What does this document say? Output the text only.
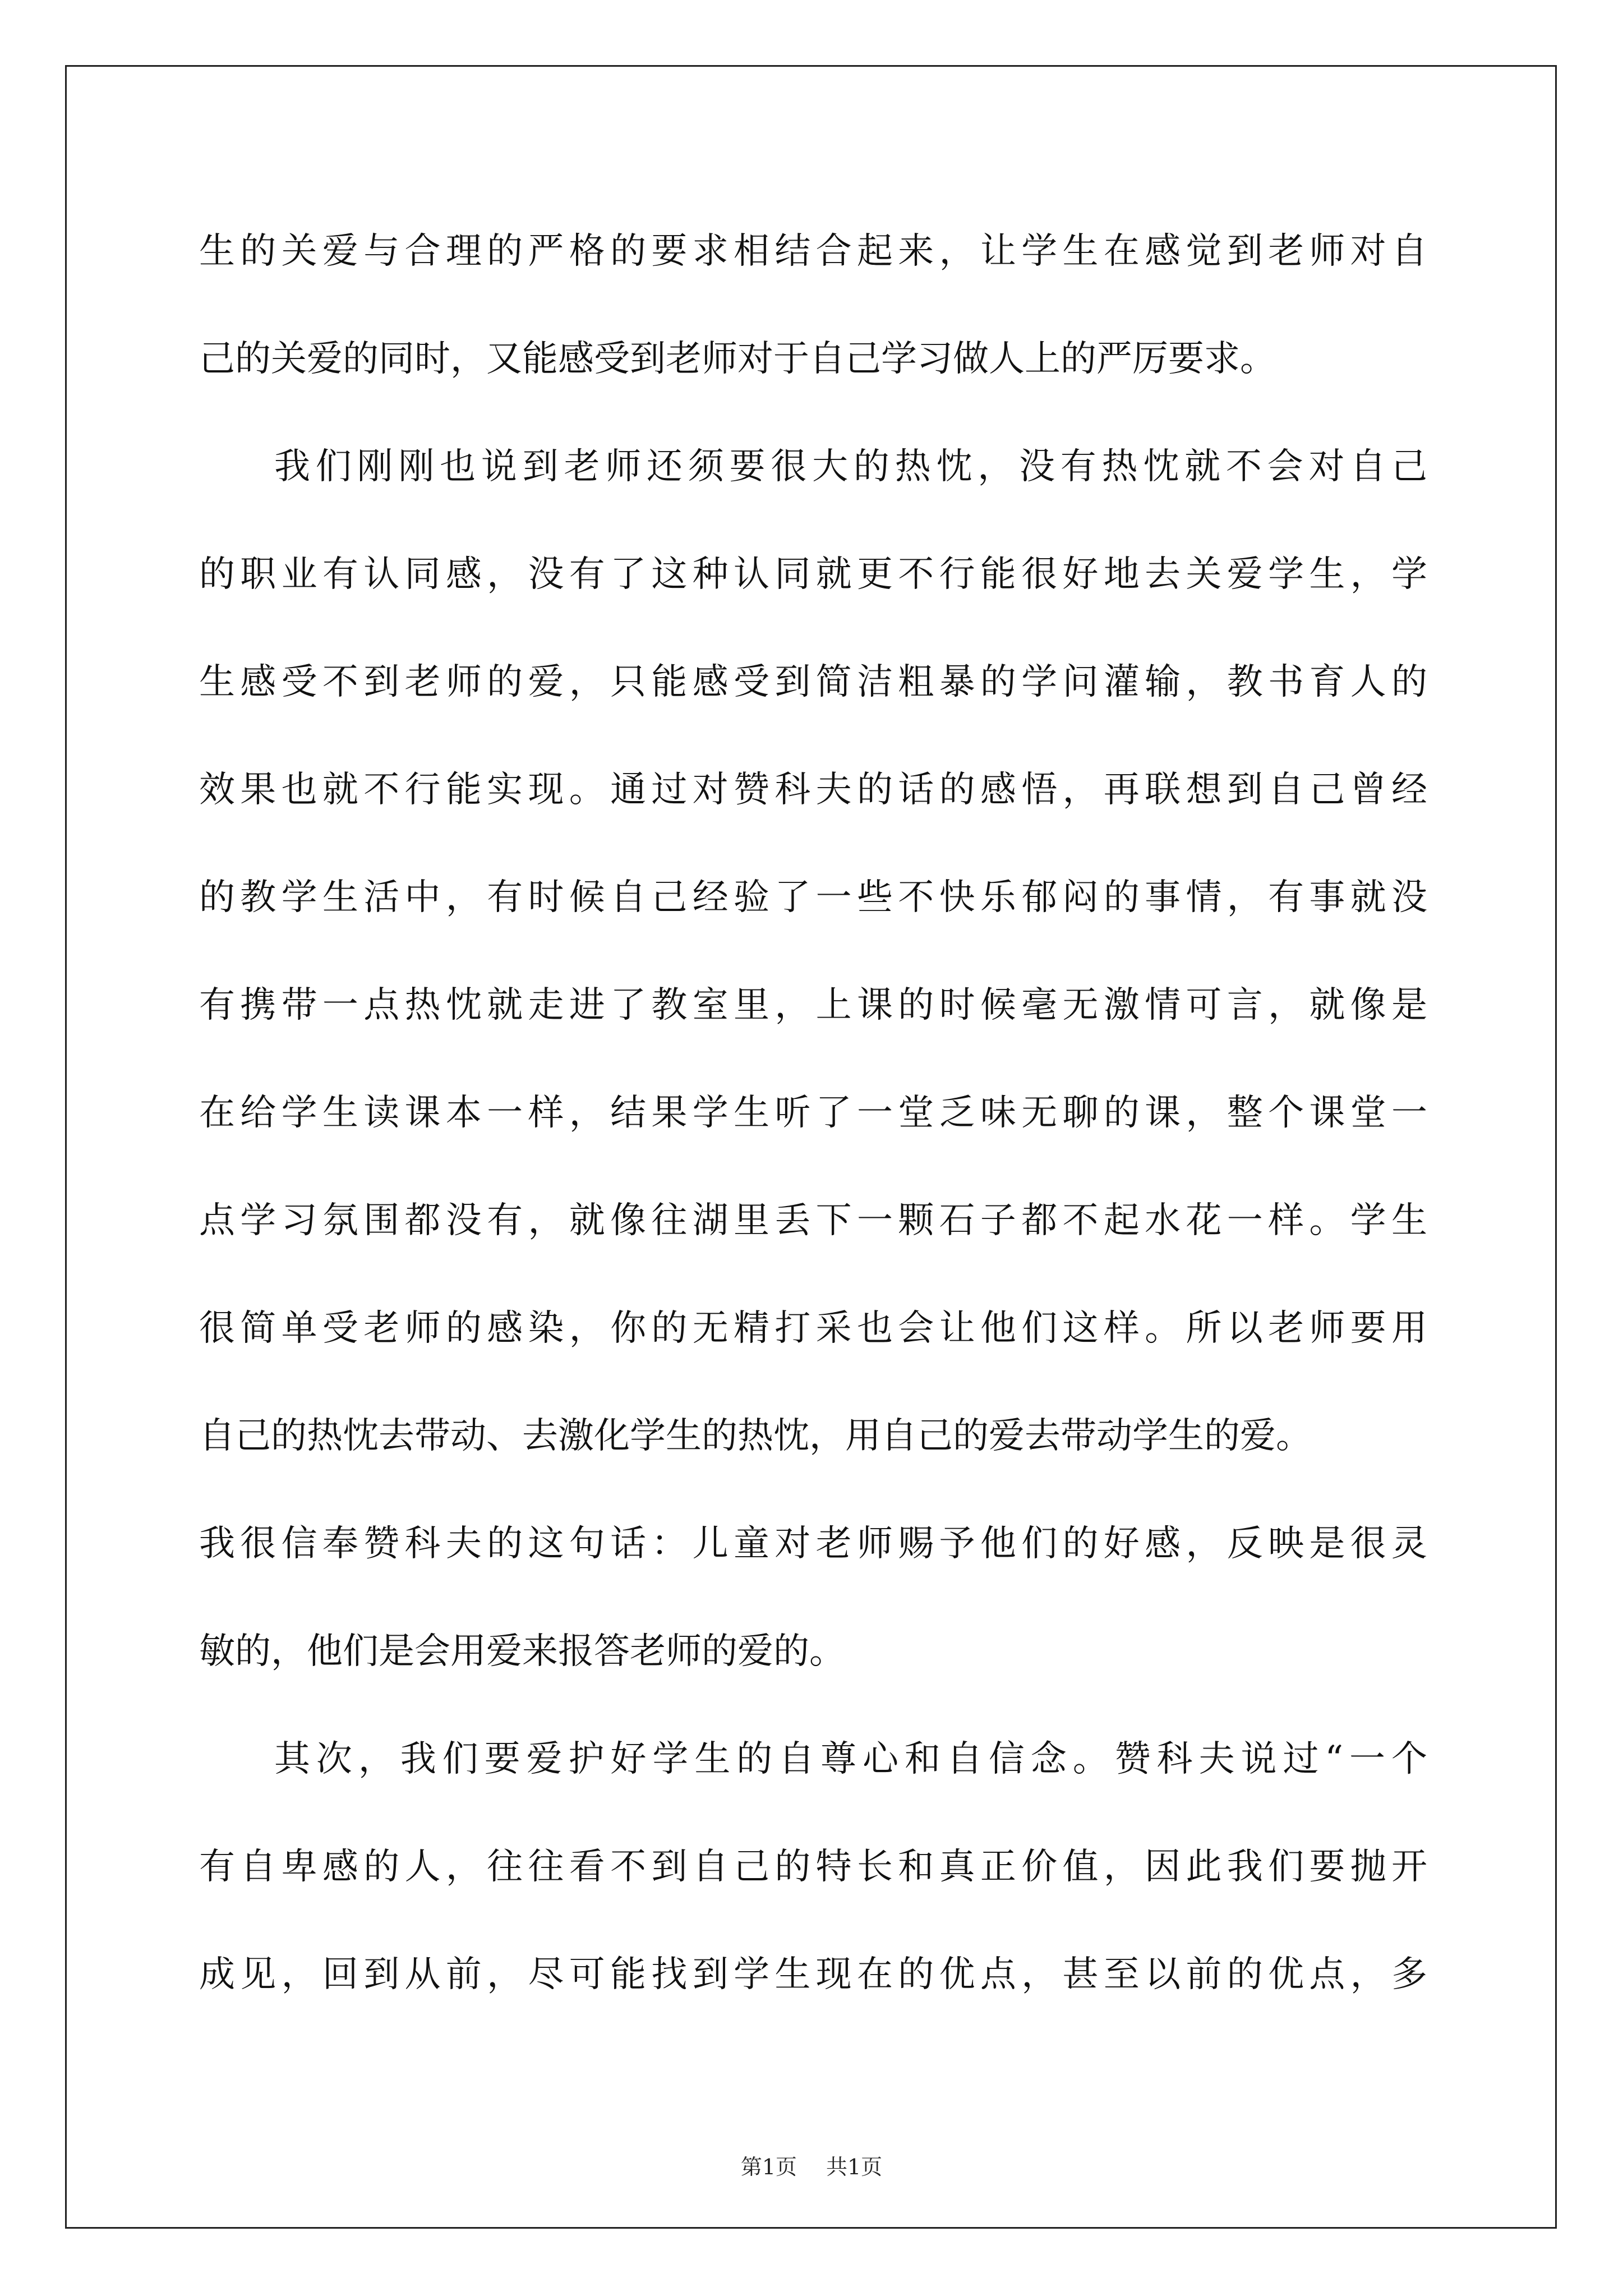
生的关爱与合理的严格的要求相结合起来，让学生在感觉到老师对自
己的关爱的同时，又能感受到老师对于自己学习做人上的严厉要求。
我们刚刚也说到老师还须要很大的热忱，没有热忱就不会对自己
的职业有认同感，没有了这种认同就更不行能很好地去关爱学生，学
生感受不到老师的爱，只能感受到简洁粗暴的学问灌输，教书育人的
效果也就不行能实现。通过对赞科夫的话的感悟，再联想到自己曾经
的教学生活中，有时候自己经验了一些不快乐郁闷的事情，有事就没
有携带一点热忱就走进了教室里，上课的时候毫无激情可言，就像是
在给学生读课本一样，结果学生听了一堂乏味无聊的课，整个课堂一
点学习氛围都没有，就像往湖里丢下一颗石子都不起水花一样。学生
很简单受老师的感染，你的无精打采也会让他们这样。所以老师要用
自己的热忱去带动、去激化学生的热忱，用自己的爱去带动学生的爱。
我很信奉赞科夫的这句话：儿童对老师赐予他们的好感，反映是很灵
敏的，他们是会用爱来报答老师的爱的。
其次，我们要爱护好学生的自尊心和自信念。赞科夫说过“一个
有自卑感的人，往往看不到自己的特长和真正价值，因此我们要抛开
成见，回到从前，尽可能找到学生现在的优点，甚至以前的优点，多
第1页 共1页
